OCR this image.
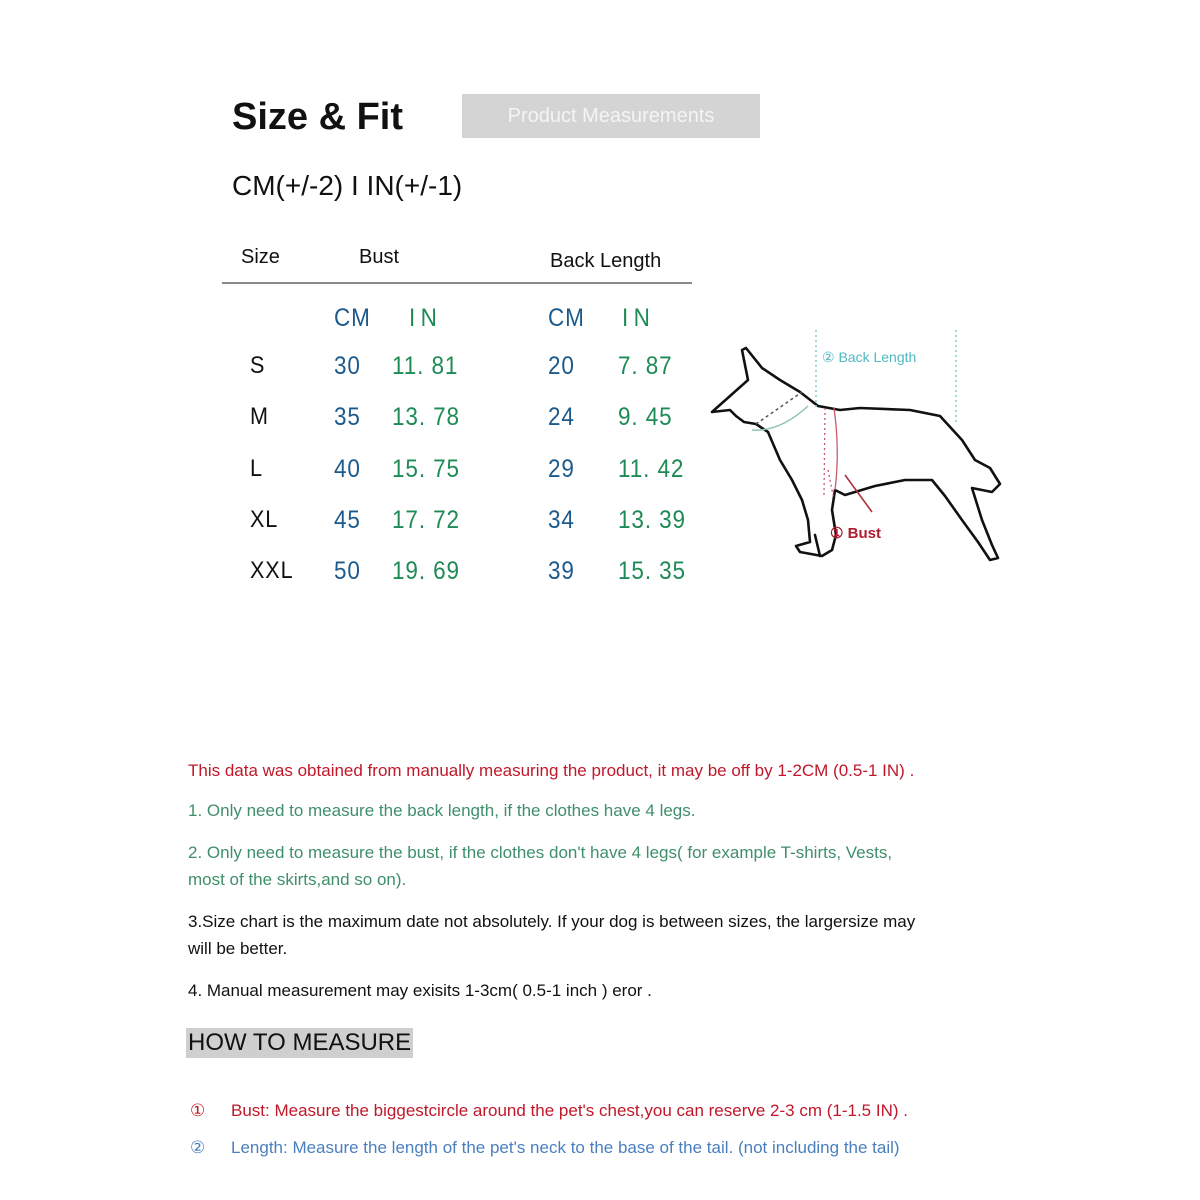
Size & Fit	Product Measurements
CM(+/-2) I IN(+/-1)
Size	Bust	Back Length
CM IN	CM IN
S	30 11. 81	20 7. 87
M	35 13. 78	24 9. 45
L	40 15. 75	29 11. 42
XL 45 17. 72	34 13. 39
XXL 50 19. 69	39 15. 35
② Back Length
① Bust
This data was obtained from manually measuring the product, it may be off by 1-2CM (0.5-1 IN) .
1. Only need to measure the back length, if the clothes have 4 legs.
2. Only need to measure the bust, if the clothes don't have 4 legs( for example T-shirts, Vests,
most of the skirts,and so on).
3.Size chart is the maximum date not absolutely. If your dog is between sizes, the largersize may
will be better.
4. Manual measurement may exisits 1-3cm( 0.5-1 inch ) eror .
HOW TO MEASURE
① Bust: Measure the biggestcircle around the pet's chest,you can reserve 2-3 cm (1-1.5 IN) .
② Length: Measure the length of the pet's neck to the base of the tail. (not including the tail)
